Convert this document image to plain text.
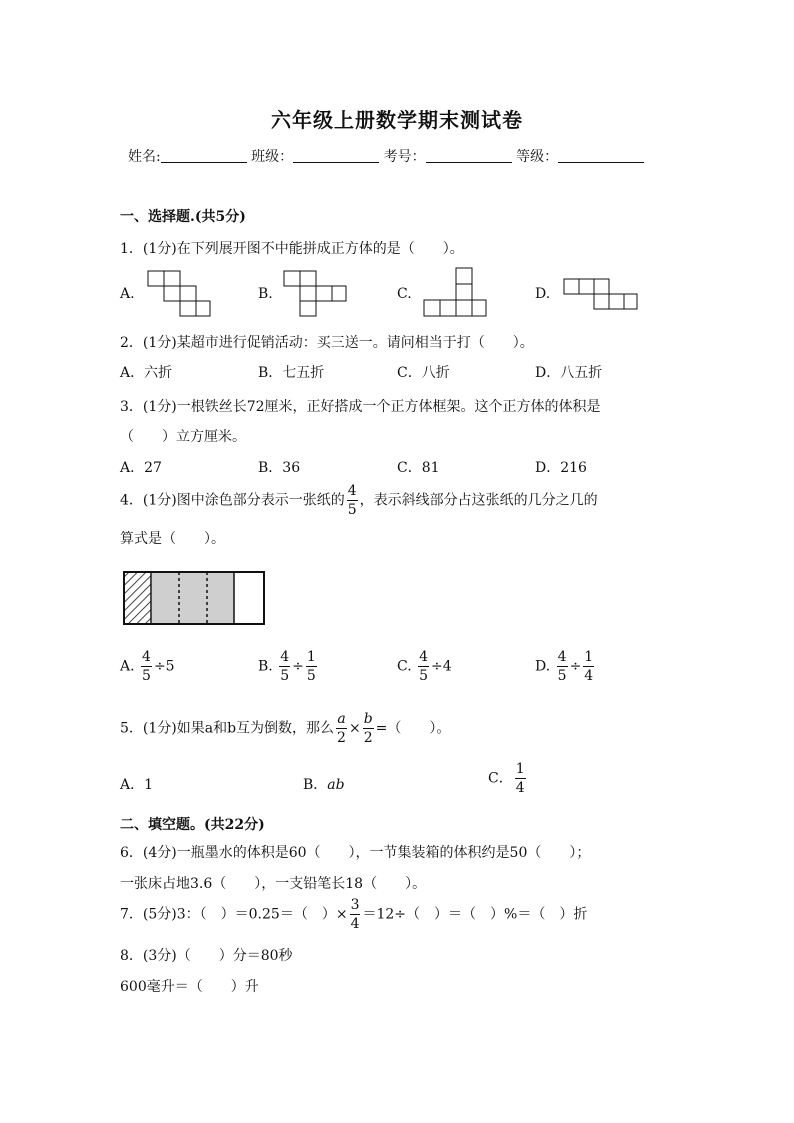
六年级上册数学期末测试卷
姓名:	班级：	考号：	等级：
一、选择题.(共5分)
1．(1分)在下列展开图不中能拼成正方体的是（　　）。
A.	B.	C.	D.
2．(1分)某超市进行促销活动：买三送一。请问相当于打（　　）。
A．六折	B．七五折	C．八折	D．八五折
3．(1分)一根铁丝长72厘米，正好搭成一个正方体框架。这个正方体的体积是
（　　）立方厘米。
A．27	B．36	C．81	D．216
4．(1分)图中涂色部分表示一张纸的 $\frac{4}{5}$ ，表示斜线部分占这张纸的几分之几的
算式是（　　）。
A. $\frac{4}{5} \div 5$	B. $\frac{4}{5} \div \frac{1}{5}$	C. $\frac{4}{5} \div 4$	D. $\frac{4}{5} \div \frac{1}{4}$
5．(1分)如果a和b互为倒数，那么 $\frac{a}{2} \times \frac{b}{2}$ =（　　）。
A．1	B．ab	C． $\frac{1}{4}$
二、填空题。(共22分)
6．(4分)一瓶墨水的体积是60（　　），一节集装箱的体积约是50（　　）；
一张床占地3.6（　　），一支铅笔长18（　　）。
7．(5分)3：（　）＝0.25＝（　）× $\frac{3}{4} =12\div$（　）＝（　）%＝（　）折
8．(3分)（　　）分＝80秒
600毫升＝（　　）升
